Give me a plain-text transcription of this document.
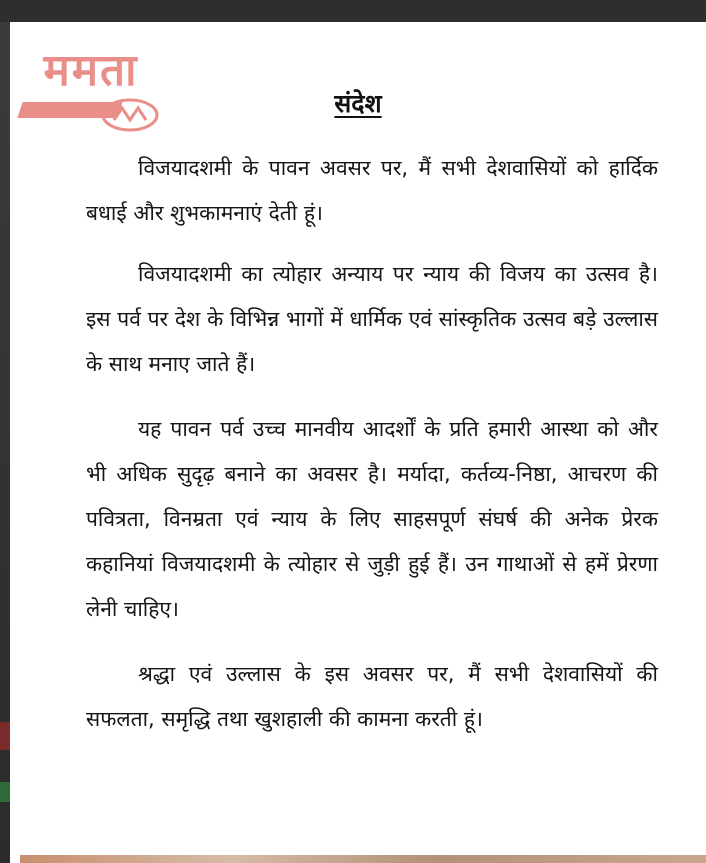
ममता
संदेश

विजयादशमी के पावन अवसर पर, मैं सभी देशवासियों को हार्दिक बधाई और शुभकामनाएं देती हूं।

विजयादशमी का त्योहार अन्याय पर न्याय की विजय का उत्सव है। इस पर्व पर देश के विभिन्न भागों में धार्मिक एवं सांस्कृतिक उत्सव बड़े उल्लास के साथ मनाए जाते हैं।

यह पावन पर्व उच्च मानवीय आदर्शों के प्रति हमारी आस्था को और भी अधिक सुदृढ़ बनाने का अवसर है। मर्यादा, कर्तव्य-निष्ठा, आचरण की पवित्रता, विनम्रता एवं न्याय के लिए साहसपूर्ण संघर्ष की अनेक प्रेरक कहानियां विजयादशमी के त्योहार से जुड़ी हुई हैं। उन गाथाओं से हमें प्रेरणा लेनी चाहिए।

श्रद्धा एवं उल्लास के इस अवसर पर, मैं सभी देशवासियों की सफलता, समृद्धि तथा खुशहाली की कामना करती हूं।
